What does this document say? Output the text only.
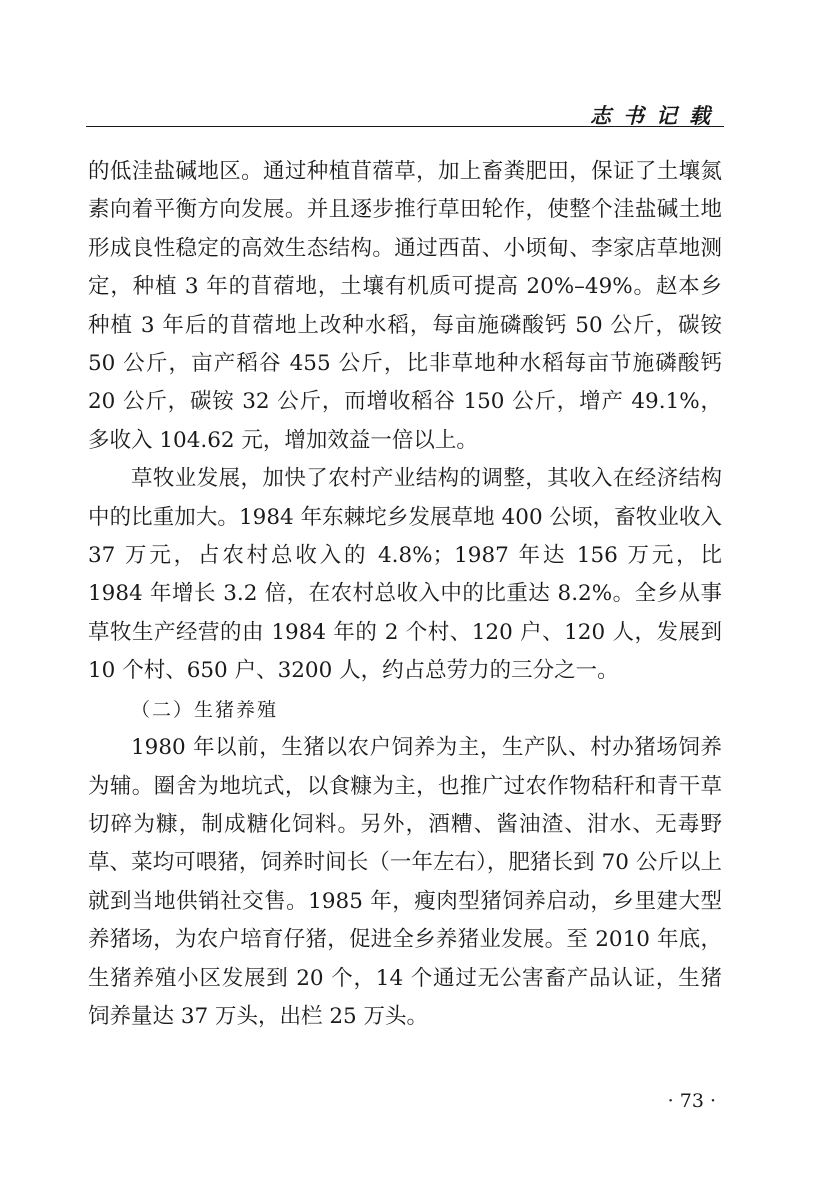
志书记载

的低洼盐碱地区。通过种植苜蓿草，加上畜粪肥田，保证了土壤氮素向着平衡方向发展。并且逐步推行草田轮作，使整个洼盐碱土地形成良性稳定的高效生态结构。通过西苗、小顷甸、李家店草地测定，种植 3 年的苜蓿地，土壤有机质可提高 20%–49%。赵本乡种植 3 年后的苜蓿地上改种水稻，每亩施磷酸钙 50 公斤，碳铵 50 公斤，亩产稻谷 455 公斤，比非草地种水稻每亩节施磷酸钙 20 公斤，碳铵 32 公斤，而增收稻谷 150 公斤，增产 49.1%，多收入 104.62 元，增加效益一倍以上。

草牧业发展，加快了农村产业结构的调整，其收入在经济结构中的比重加大。1984 年东棘坨乡发展草地 400 公顷，畜牧业收入 37 万元，占农村总收入的 4.8%；1987 年达 156 万元，比 1984 年增长 3.2 倍，在农村总收入中的比重达 8.2%。全乡从事草牧生产经营的由 1984 年的 2 个村、120 户、120 人，发展到 10 个村、650 户、3200 人，约占总劳力的三分之一。

（二）生猪养殖

1980 年以前，生猪以农户饲养为主，生产队、村办猪场饲养为辅。圈舍为地坑式，以食糠为主，也推广过农作物秸秆和青干草切碎为糠，制成糖化饲料。另外，酒糟、酱油渣、泔水、无毒野草、菜均可喂猪，饲养时间长（一年左右），肥猪长到 70 公斤以上就到当地供销社交售。1985 年，瘦肉型猪饲养启动，乡里建大型养猪场，为农户培育仔猪，促进全乡养猪业发展。至 2010 年底，生猪养殖小区发展到 20 个，14 个通过无公害畜产品认证，生猪饲养量达 37 万头，出栏 25 万头。

· 73 ·
